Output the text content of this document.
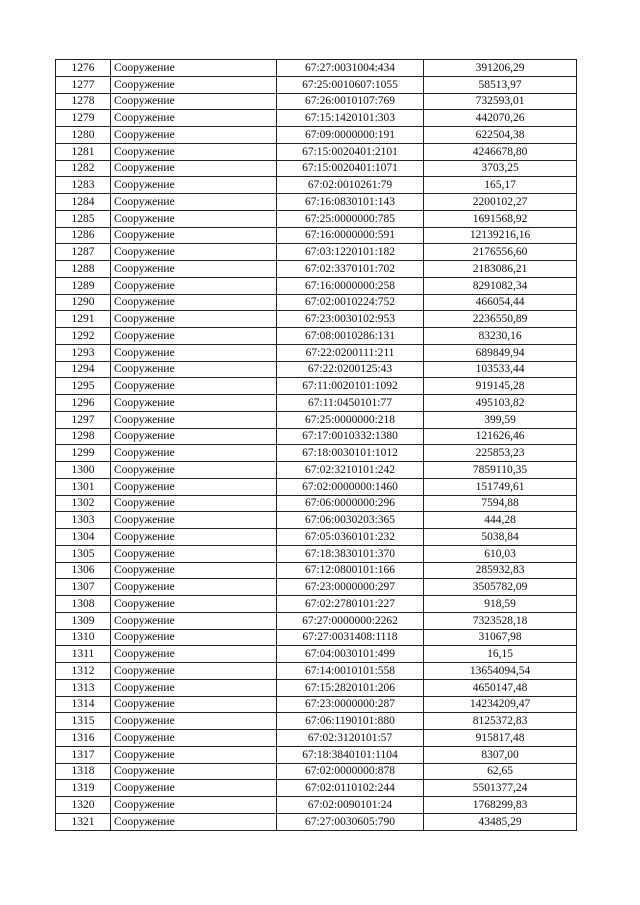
1276	Сооружение	67:27:0031004:434	391206,29
1277	Сооружение	67:25:0010607:1055	58513,97
1278	Сооружение	67:26:0010107:769	732593,01
1279	Сооружение	67:15:1420101:303	442070,26
1280	Сооружение	67:09:0000000:191	622504,38
1281	Сооружение	67:15:0020401:2101	4246678,80
1282	Сооружение	67:15:0020401:1071	3703,25
1283	Сооружение	67:02:0010261:79	165,17
1284	Сооружение	67:16:0830101:143	2200102,27
1285	Сооружение	67:25:0000000:785	1691568,92
1286	Сооружение	67:16:0000000:591	12139216,16
1287	Сооружение	67:03:1220101:182	2176556,60
1288	Сооружение	67:02:3370101:702	2183086,21
1289	Сооружение	67:16:0000000:258	8291082,34
1290	Сооружение	67:02:0010224:752	466054,44
1291	Сооружение	67:23:0030102:953	2236550,89
1292	Сооружение	67:08:0010286:131	83230,16
1293	Сооружение	67:22:0200111:211	689849,94
1294	Сооружение	67:22:0200125:43	103533,44
1295	Сооружение	67:11:0020101:1092	919145,28
1296	Сооружение	67:11:0450101:77	495103,82
1297	Сооружение	67:25:0000000:218	399,59
1298	Сооружение	67:17:0010332:1380	121626,46
1299	Сооружение	67:18:0030101:1012	225853,23
1300	Сооружение	67:02:3210101:242	7859110,35
1301	Сооружение	67:02:0000000:1460	151749,61
1302	Сооружение	67:06:0000000:296	7594,88
1303	Сооружение	67:06:0030203:365	444,28
1304	Сооружение	67:05:0360101:232	5038,84
1305	Сооружение	67:18:3830101:370	610,03
1306	Сооружение	67:12:0800101:166	285932,83
1307	Сооружение	67:23:0000000:297	3505782,09
1308	Сооружение	67:02:2780101:227	918,59
1309	Сооружение	67:27:0000000:2262	7323528,18
1310	Сооружение	67:27:0031408:1118	31067,98
1311	Сооружение	67:04:0030101:499	16,15
1312	Сооружение	67:14:0010101:558	13654094,54
1313	Сооружение	67:15:2820101:206	4650147,48
1314	Сооружение	67:23:0000000:287	14234209,47
1315	Сооружение	67:06:1190101:880	8125372,83
1316	Сооружение	67:02:3120101:57	915817,48
1317	Сооружение	67:18:3840101:1104	8307,00
1318	Сооружение	67:02:0000000:878	62,65
1319	Сооружение	67:02:0110102:244	5501377,24
1320	Сооружение	67:02:0090101:24	1768299,83
1321	Сооружение	67:27:0030605:790	43485,29
